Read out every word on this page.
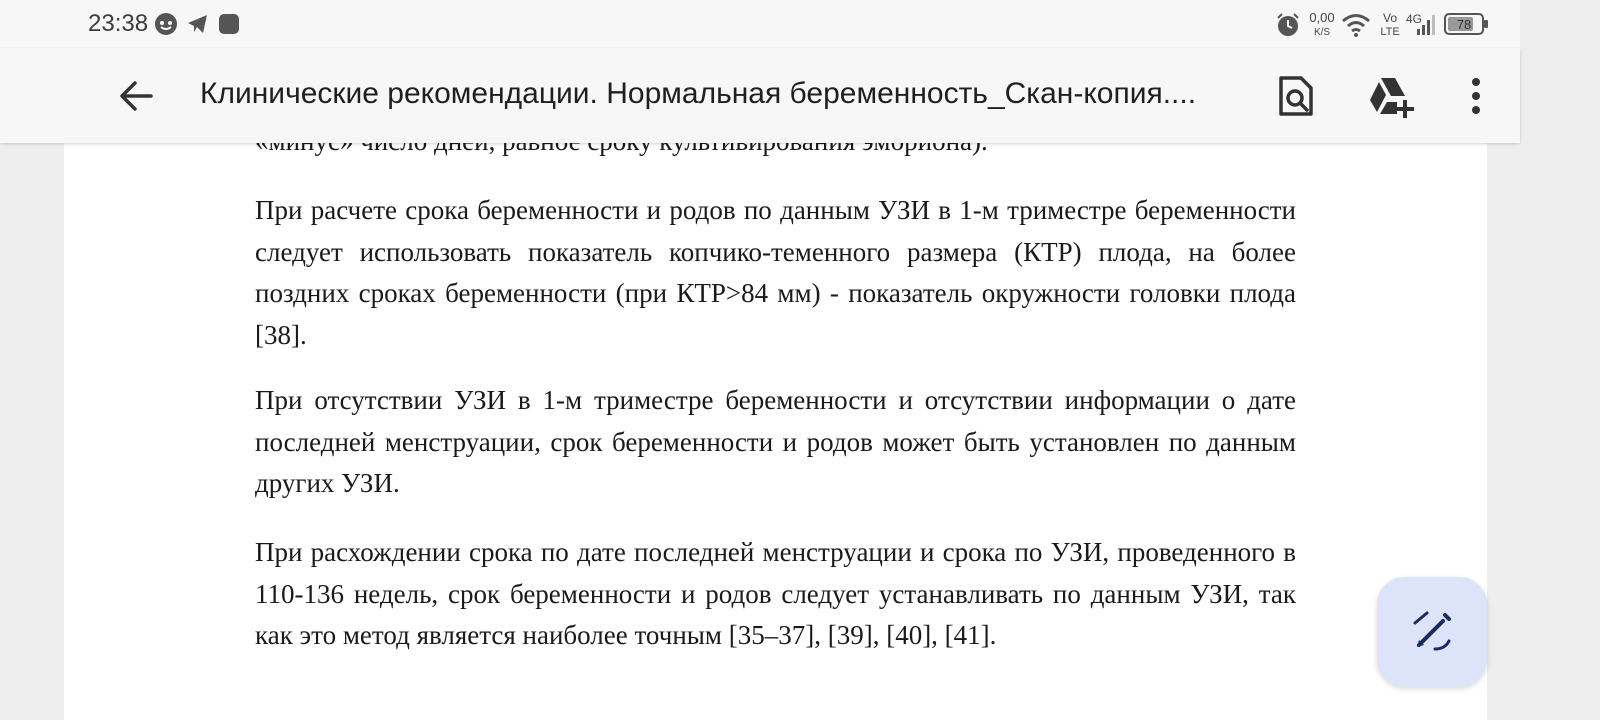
При расчете срока беременности и родов по данным УЗИ в 1-м триместре беременности следует использовать показатель копчико-теменного размера (КТР) плода, на более поздних сроках беременности (при КТР>84 мм) - показатель окружности головки плода [38].

При отсутствии УЗИ в 1-м триместре беременности и отсутствии информации о дате последней менструации, срок беременности и родов может быть установлен по данным других УЗИ.

При расхождении срока по дате последней менструации и срока по УЗИ, проведенного в 110-136 недель, срок беременности и родов следует устанавливать по данным УЗИ, так как это метод является наиболее точным [35–37], [39], [40], [41].

23:38	0,00
K/S
Vo
LTE
4G	78
Клинические рекомендации. Нормальная беременность_Скан-копия....
